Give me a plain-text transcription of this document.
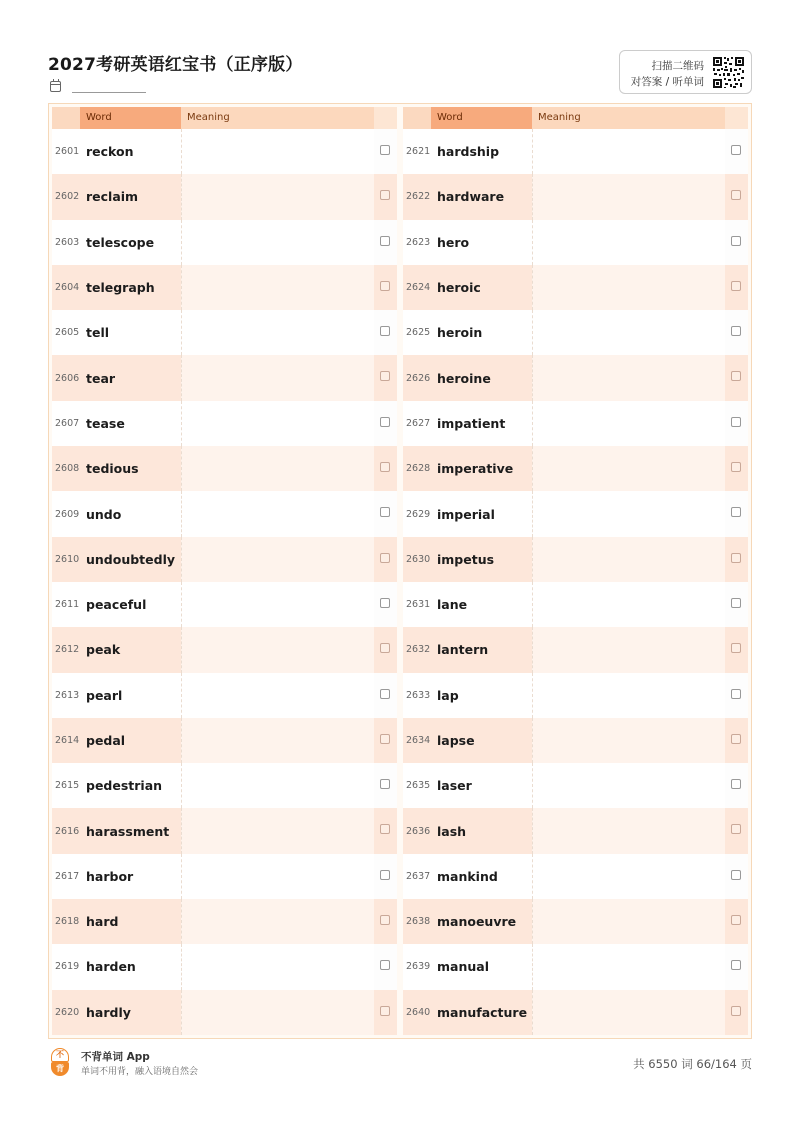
2027考研英语红宝书（正序版）	扫描二维码
对答案 / 听单词
Word	Meaning
2601 reckon
2602 reclaim
2603 telescope
2604 telegraph
2605 tell
2606 tear
2607 tease
2608 tedious
2609 undo
2610 undoubtedly
2611 peaceful
2612 peak
2613 pearl
2614 pedal
2615 pedestrian
2616 harassment
2617 harbor
2618 hard
2619 harden
2620 hardly
Word	Meaning
2621 hardship
2622 hardware
2623 hero
2624 heroic
2625 heroin
2626 heroine
2627 impatient
2628 imperative
2629 imperial
2630 impetus
2631 lane
2632 lantern
2633 lap
2634 lapse
2635 laser
2636 lash
2637 mankind
2638 manoeuvre
2639 manual
2640 manufacture
不
背
不背单词 App
单词不用背，融入语境自然会
共 6550 词 66/164 页
